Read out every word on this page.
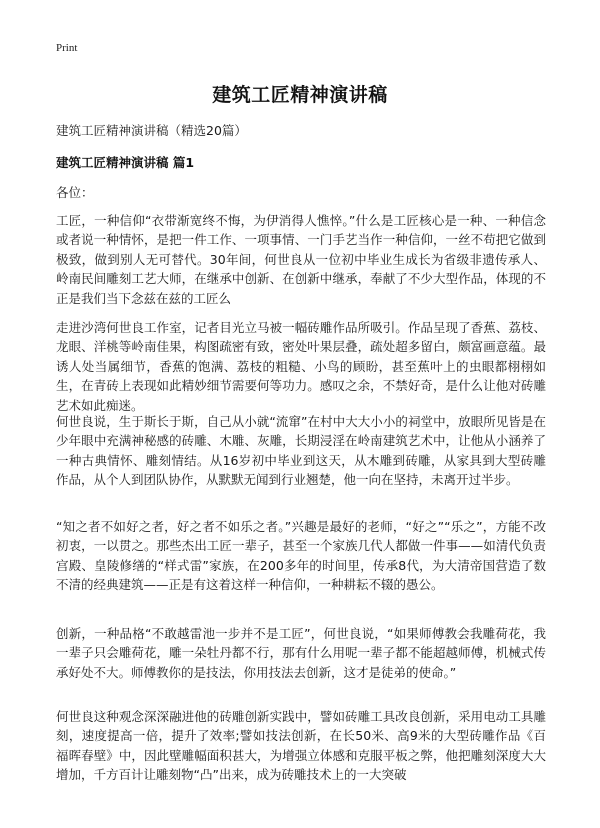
Print
建筑工匠精神演讲稿
建筑工匠精神演讲稿（精选20篇）
建筑工匠精神演讲稿 篇1
各位：

工匠，一种信仰“衣带渐宽终不悔，为伊消得人憔悴。”什么是工匠核心是一种、一种信念或者说一种情怀，是把一件工作、一项事情、一门手艺当作一种信仰，一丝不苟把它做到极致，做到别人无可替代。30年间，何世良从一位初中毕业生成长为省级非遗传承人、岭南民间雕刻工艺大师，在继承中创新、在创新中继承，奉献了不少大型作品，体现的不正是我们当下念兹在兹的工匠么

走进沙湾何世良工作室，记者目光立马被一幅砖雕作品所吸引。作品呈现了香蕉、荔枝、龙眼、洋桃等岭南佳果，构图疏密有致，密处叶果层叠，疏处超多留白，颇富画意蕴。最诱人处当属细节，香蕉的饱满、荔枝的粗糙、小鸟的顾盼，甚至蕉叶上的虫眼都栩栩如生，在青砖上表现如此精妙细节需要何等功力。感叹之余，不禁好奇，是什么让他对砖雕艺术如此痴迷。

何世良说，生于斯长于斯，自己从小就“流窜”在村中大大小小的祠堂中，放眼所见皆是在少年眼中充满神秘感的砖雕、木雕、灰雕，长期浸淫在岭南建筑艺术中，让他从小涵养了一种古典情怀、雕刻情结。从16岁初中毕业到这天，从木雕到砖雕，从家具到大型砖雕作品，从个人到团队协作，从默默无闻到行业翘楚，他一向在坚持，未离开过半步。

“知之者不如好之者，好之者不如乐之者。”兴趣是最好的老师，“好之”“乐之”，方能不改初衷，一以贯之。那些杰出工匠一辈子，甚至一个家族几代人都做一件事——如清代负责宫殿、皇陵修缮的“样式雷”家族，在200多年的时间里，传承8代，为大清帝国营造了数不清的经典建筑——正是有这着这样一种信仰，一种耕耘不辍的愚公。

创新，一种品格“不敢越雷池一步并不是工匠”，何世良说，“如果师傅教会我雕荷花，我一辈子只会雕荷花，雕一朵牡丹都不行，那有什么用呢一辈子都不能超越师傅，机械式传承好处不大。师傅教你的是技法，你用技法去创新，这才是徒弟的使命。”

何世良这种观念深深融进他的砖雕创新实践中，譬如砖雕工具改良创新，采用电动工具雕刻，速度提高一倍，提升了效率;譬如技法创新，在长50米、高9米的大型砖雕作品《百福晖春壁》中，因此壁雕幅面积甚大，为增强立体感和克服平板之弊，他把雕刻深度大大增加，千方百计让雕刻物“凸”出来，成为砖雕技术上的一大突破
